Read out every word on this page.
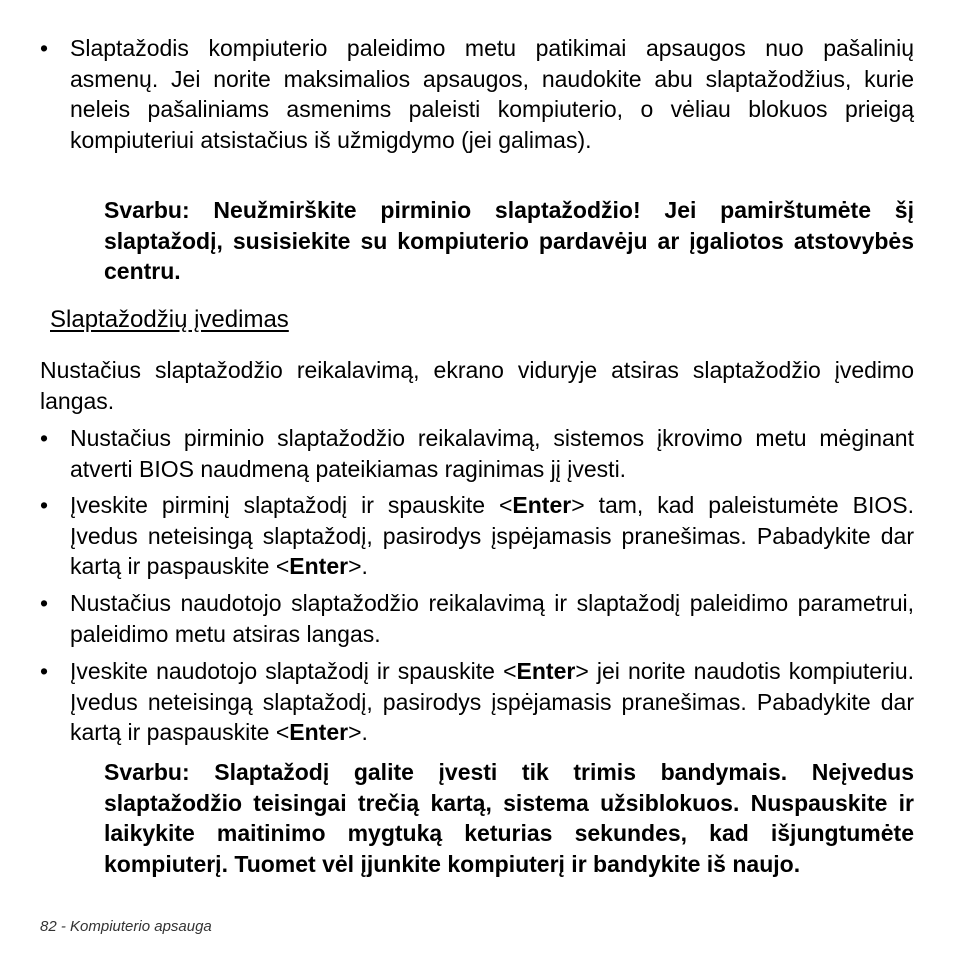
• Slaptažodis kompiuterio paleidimo metu patikimai apsaugos nuo pašalinių asmenų. Jei norite maksimalios apsaugos, naudokite abu slaptažodžius, kurie neleis pašaliniams asmenims paleisti kompiuterio, o vėliau blokuos prieigą kompiuteriui atsistačius iš užmigdymo (jei galimas).
Svarbu: Neužmirškite pirminio slaptažodžio! Jei pamirštumėte šį slaptažodį, susisiekite su kompiuterio pardavėju ar įgaliotos atstovybės centru.
Slaptažodžių įvedimas
Nustačius slaptažodžio reikalavimą, ekrano viduryje atsiras slaptažodžio įvedimo langas.
• Nustačius pirminio slaptažodžio reikalavimą, sistemos įkrovimo metu mėginant atverti BIOS naudmeną pateikiamas raginimas jį įvesti.
• Įveskite pirminį slaptažodį ir spauskite <Enter> tam, kad paleistumėte BIOS. Įvedus neteisingą slaptažodį, pasirodys įspėjamasis pranešimas. Pabadykite dar kartą ir paspauskite <Enter>.
• Nustačius naudotojo slaptažodžio reikalavimą ir slaptažodį paleidimo parametrui, paleidimo metu atsiras langas.
• Įveskite naudotojo slaptažodį ir spauskite <Enter> jei norite naudotis kompiuteriu. Įvedus neteisingą slaptažodį, pasirodys įspėjamasis pranešimas. Pabadykite dar kartą ir paspauskite <Enter>.
Svarbu: Slaptažodį galite įvesti tik trimis bandymais. Neįvedus slaptažodžio teisingai trečią kartą, sistema užsiblokuos. Nuspauskite ir laikykite maitinimo mygtuką keturias sekundes, kad išjungtumėte kompiuterį. Tuomet vėl įjunkite kompiuterį ir bandykite iš naujo.
82 - Kompiuterio apsauga
